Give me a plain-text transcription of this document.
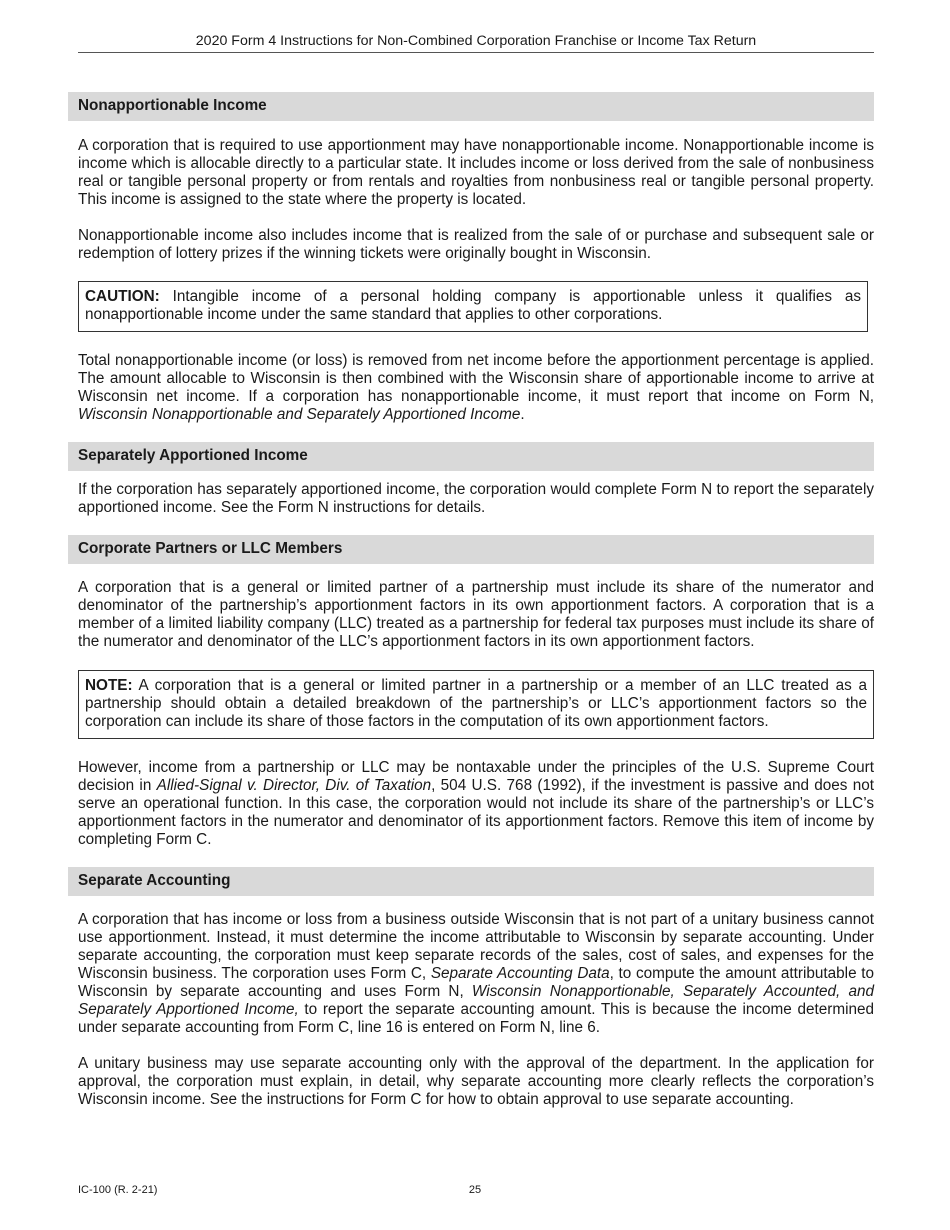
2020 Form 4 Instructions for Non-Combined Corporation Franchise or Income Tax Return
Nonapportionable Income

A corporation that is required to use apportionment may have nonapportionable income. Nonapportionable income is income which is allocable directly to a particular state. It includes income or loss derived from the sale of nonbusiness real or tangible personal property or from rentals and royalties from nonbusiness real or tangible personal property. This income is assigned to the state where the property is located.

Nonapportionable income also includes income that is realized from the sale of or purchase and subsequent sale or redemption of lottery prizes if the winning tickets were originally bought in Wisconsin.

CAUTION: Intangible income of a personal holding company is apportionable unless it qualifies as nonapportionable income under the same standard that applies to other corporations.

Total nonapportionable income (or loss) is removed from net income before the apportionment percentage is applied. The amount allocable to Wisconsin is then combined with the Wisconsin share of apportionable income to arrive at Wisconsin net income. If a corporation has nonapportionable income, it must report that income on Form N, Wisconsin Nonapportionable and Separately Apportioned Income.

Separately Apportioned Income

If the corporation has separately apportioned income, the corporation would complete Form N to report the separately apportioned income. See the Form N instructions for details.

Corporate Partners or LLC Members

A corporation that is a general or limited partner of a partnership must include its share of the numerator and denominator of the partnership’s apportionment factors in its own apportionment factors. A corporation that is a member of a limited liability company (LLC) treated as a partnership for federal tax purposes must include its share of the numerator and denominator of the LLC’s apportionment factors in its own apportionment factors.

NOTE: A corporation that is a general or limited partner in a partnership or a member of an LLC treated as a partnership should obtain a detailed breakdown of the partnership’s or LLC’s apportionment factors so the corporation can include its share of those factors in the computation of its own apportionment factors.

However, income from a partnership or LLC may be nontaxable under the principles of the U.S. Supreme Court decision in Allied-Signal v. Director, Div. of Taxation, 504 U.S. 768 (1992), if the investment is passive and does not serve an operational function. In this case, the corporation would not include its share of the partnership’s or LLC’s apportionment factors in the numerator and denominator of its apportionment factors. Remove this item of income by completing Form C.

Separate Accounting

A corporation that has income or loss from a business outside Wisconsin that is not part of a unitary business cannot use apportionment. Instead, it must determine the income attributable to Wisconsin by separate accounting. Under separate accounting, the corporation must keep separate records of the sales, cost of sales, and expenses for the Wisconsin business. The corporation uses Form C, Separate Accounting Data, to compute the amount attributable to Wisconsin by separate accounting and uses Form N, Wisconsin Nonapportionable, Separately Accounted, and Separately Apportioned Income, to report the separate accounting amount. This is because the income determined under separate accounting from Form C, line 16 is entered on Form N, line 6.

A unitary business may use separate accounting only with the approval of the department. In the application for approval, the corporation must explain, in detail, why separate accounting more clearly reflects the corporation’s Wisconsin income. See the instructions for Form C for how to obtain approval to use separate accounting.

IC-100 (R. 2-21)	25
